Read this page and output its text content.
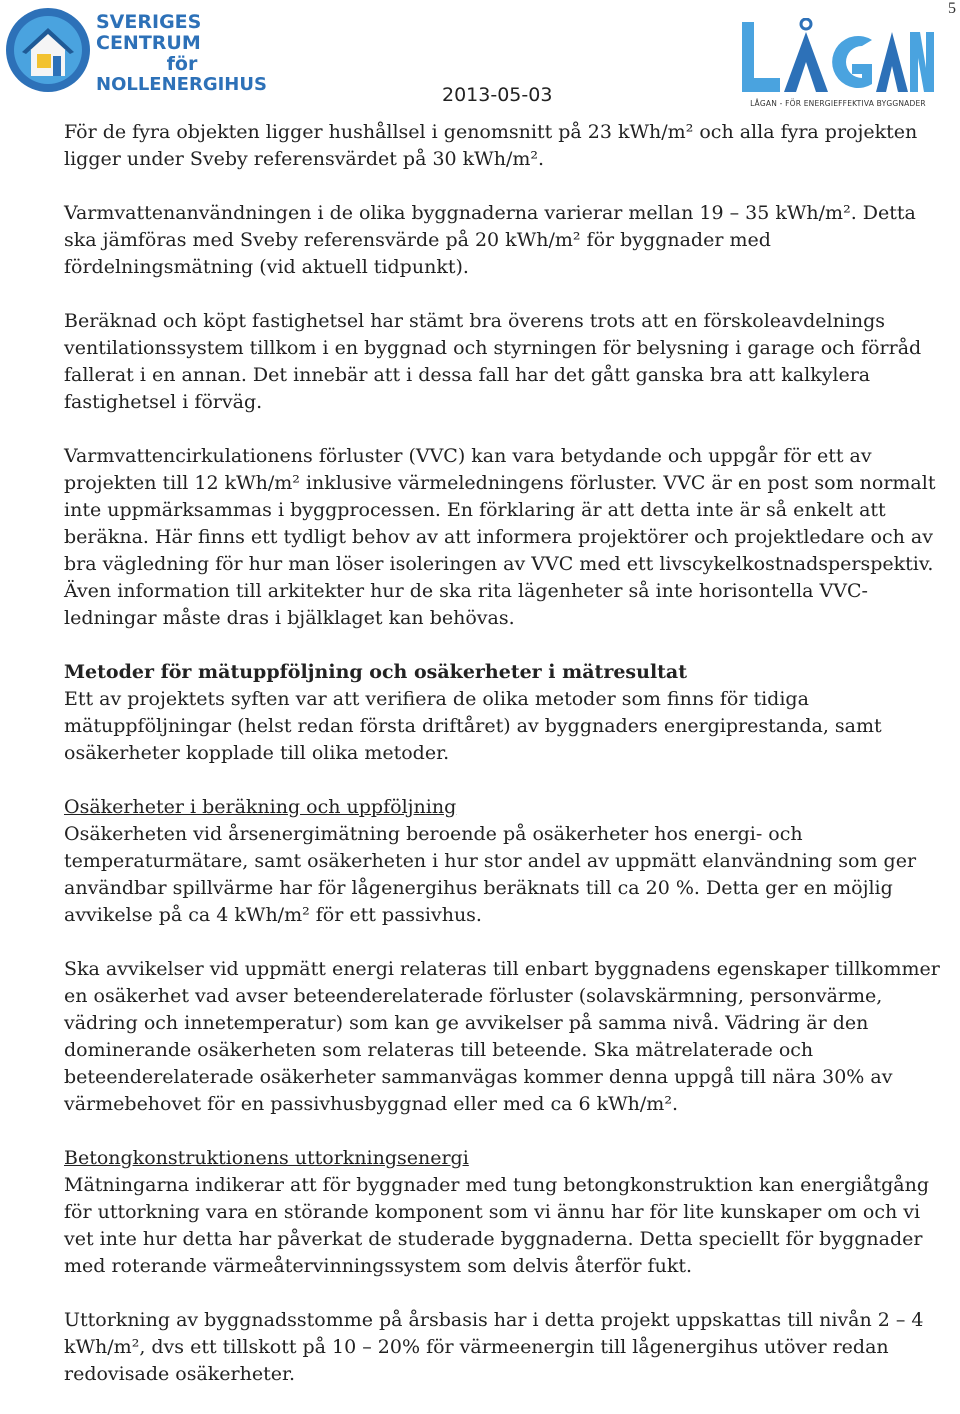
5
SVERIGES CENTRUM
för
NOLLENERGIHUS
LÅGAN - FÖR ENERGIEFFEKTIVA BYGGNADER
2013-05-03

För de fyra objekten ligger hushållsel i genomsnitt på 23 kWh/m² och alla fyra projekten ligger under Sveby referensvärdet på 30 kWh/m².

Varmvattenanvändningen i de olika byggnaderna varierar mellan 19 – 35 kWh/m². Detta ska jämföras med Sveby referensvärde på 20 kWh/m² för byggnader med fördelningsmätning (vid aktuell tidpunkt).

Beräknad och köpt fastighetsel har stämt bra överens trots att en förskoleavdelnings ventilationssystem tillkom i en byggnad och styrningen för belysning i garage och förråd fallerat i en annan. Det innebär att i dessa fall har det gått ganska bra att kalkylera fastighetsel i förväg.

Varmvattencirkulationens förluster (VVC) kan vara betydande och uppgår för ett av projekten till 12 kWh/m² inklusive värmeledningens förluster. VVC är en post som normalt inte uppmärksammas i byggprocessen. En förklaring är att detta inte är så enkelt att beräkna. Här finns ett tydligt behov av att informera projektörer och projektledare och av bra vägledning för hur man löser isoleringen av VVC med ett livscykelkostnadsperspektiv. Även information till arkitekter hur de ska rita lägenheter så inte horisontella VVC-ledningar måste dras i bjälklaget kan behövas.

Metoder för mätuppföljning och osäkerheter i mätresultat

Ett av projektets syften var att verifiera de olika metoder som finns för tidiga mätuppföljningar (helst redan första driftåret) av byggnaders energiprestanda, samt osäkerheter kopplade till olika metoder.

Osäkerheter i beräkning och uppföljning

Osäkerheten vid årsenergimätning beroende på osäkerheter hos energi- och temperaturmätare, samt osäkerheten i hur stor andel av uppmätt elanvändning som ger användbar spillvärme har för lågenergihus beräknats till ca 20 %. Detta ger en möjlig avvikelse på ca 4 kWh/m² för ett passivhus.

Ska avvikelser vid uppmätt energi relateras till enbart byggnadens egenskaper tillkommer en osäkerhet vad avser beteenderelaterade förluster (solavskärmning, personvärme, vädring och innetemperatur) som kan ge avvikelser på samma nivå. Vädring är den dominerande osäkerheten som relateras till beteende. Ska mätrelaterade och beteenderelaterade osäkerheter sammanvägas kommer denna uppgå till nära 30% av värmebehovet för en passivhusbyggnad eller med ca 6 kWh/m².

Betongkonstruktionens uttorkningsenergi

Mätningarna indikerar att för byggnader med tung betongkonstruktion kan energiåtgång för uttorkning vara en störande komponent som vi ännu har för lite kunskaper om och vi vet inte hur detta har påverkat de studerade byggnaderna. Detta speciellt för byggnader med roterande värmeåtervinningssystem som delvis återför fukt.

Uttorkning av byggnadsstomme på årsbasis har i detta projekt uppskattas till nivån 2 – 4 kWh/m², dvs ett tillskott på 10 – 20% för värmeenergin till lågenergihus utöver redan redovisade osäkerheter.
